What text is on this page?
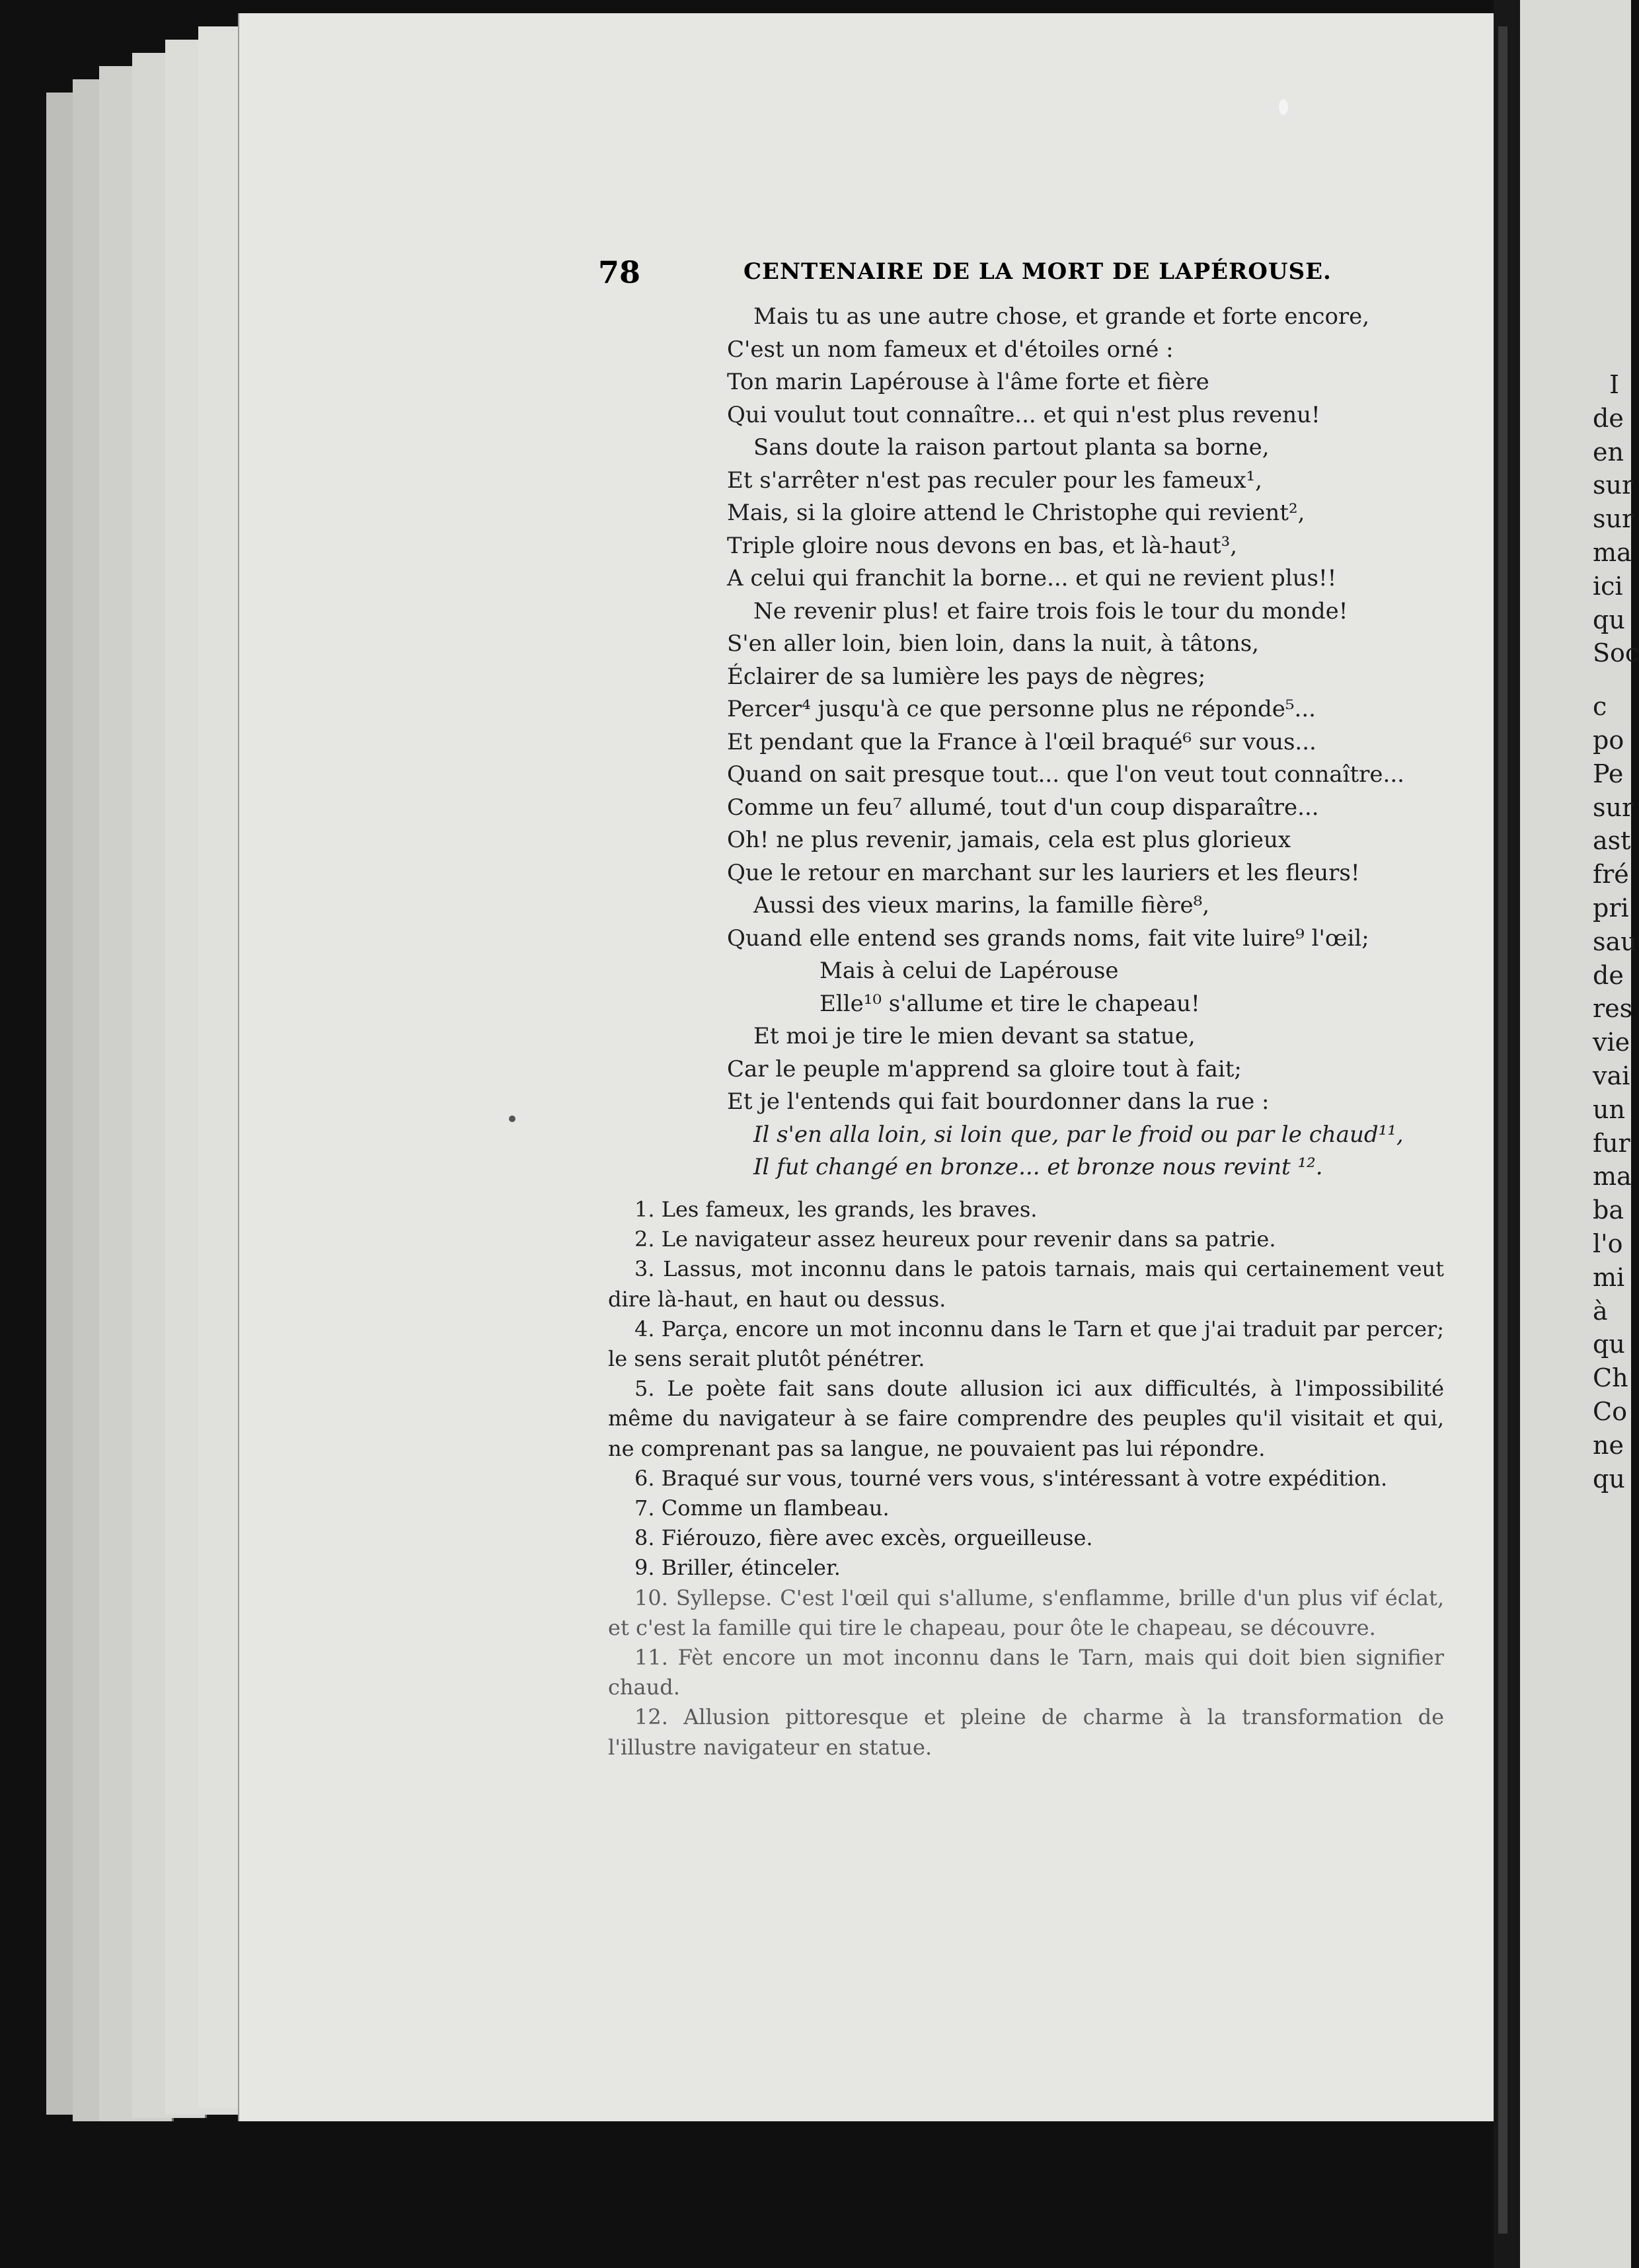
I
de
en
sur
sur
ma
ici
qu
Soc
c
po
Pe
sur
ast
fré
pri
sau
de
res
vie
vai
un
fur
ma
ba
l'o
mi
à
qu
Ch
Co
ne
qu
78	CENTENAIRE DE LA MORT DE LAPÉROUSE.
Mais tu as une autre chose, et grande et forte encore,
C'est un nom fameux et d'étoiles orné :
Ton marin Lapérouse à l'âme forte et fière
Qui voulut tout connaître... et qui n'est plus revenu!
Sans doute la raison partout planta sa borne,
Et s'arrêter n'est pas reculer pour les fameux¹,
Mais, si la gloire attend le Christophe qui revient²,
Triple gloire nous devons en bas, et là-haut³,
A celui qui franchit la borne... et qui ne revient plus!!
Ne revenir plus! et faire trois fois le tour du monde!
S'en aller loin, bien loin, dans la nuit, à tâtons,
Éclairer de sa lumière les pays de nègres;
Percer⁴ jusqu'à ce que personne plus ne réponde⁵...
Et pendant que la France à l'œil braqué⁶ sur vous...
Quand on sait presque tout... que l'on veut tout connaître...
Comme un feu⁷ allumé, tout d'un coup disparaître...
Oh! ne plus revenir, jamais, cela est plus glorieux
Que le retour en marchant sur les lauriers et les fleurs!
Aussi des vieux marins, la famille fière⁸,
Quand elle entend ses grands noms, fait vite luire⁹ l'œil;
Mais à celui de Lapérouse
Elle¹⁰ s'allume et tire le chapeau!
Et moi je tire le mien devant sa statue,
Car le peuple m'apprend sa gloire tout à fait;
Et je l'entends qui fait bourdonner dans la rue :
Il s'en alla loin, si loin que, par le froid ou par le chaud¹¹,
Il fut changé en bronze... et bronze nous revint ¹².
1. Les fameux, les grands, les braves.
2. Le navigateur assez heureux pour revenir dans sa patrie.
3. Lassus, mot inconnu dans le patois tarnais, mais qui certainement veut dire là-haut, en haut ou dessus.
4. Parça, encore un mot inconnu dans le Tarn et que j'ai traduit par percer; le sens serait plutôt pénétrer.
5. Le poète fait sans doute allusion ici aux difficultés, à l'impossibilité même du navigateur à se faire comprendre des peuples qu'il visitait et qui, ne comprenant pas sa langue, ne pouvaient pas lui répondre.
6. Braqué sur vous, tourné vers vous, s'intéressant à votre expédition.
7. Comme un flambeau.
8. Fiérouzo, fière avec excès, orgueilleuse.
9. Briller, étinceler.
10. Syllepse. C'est l'œil qui s'allume, s'enflamme, brille d'un plus vif éclat, et c'est la famille qui tire le chapeau, pour ôte le chapeau, se découvre.
11. Fèt encore un mot inconnu dans le Tarn, mais qui doit bien signifier chaud.
12. Allusion pittoresque et pleine de charme à la transformation de l'illustre navigateur en statue.
